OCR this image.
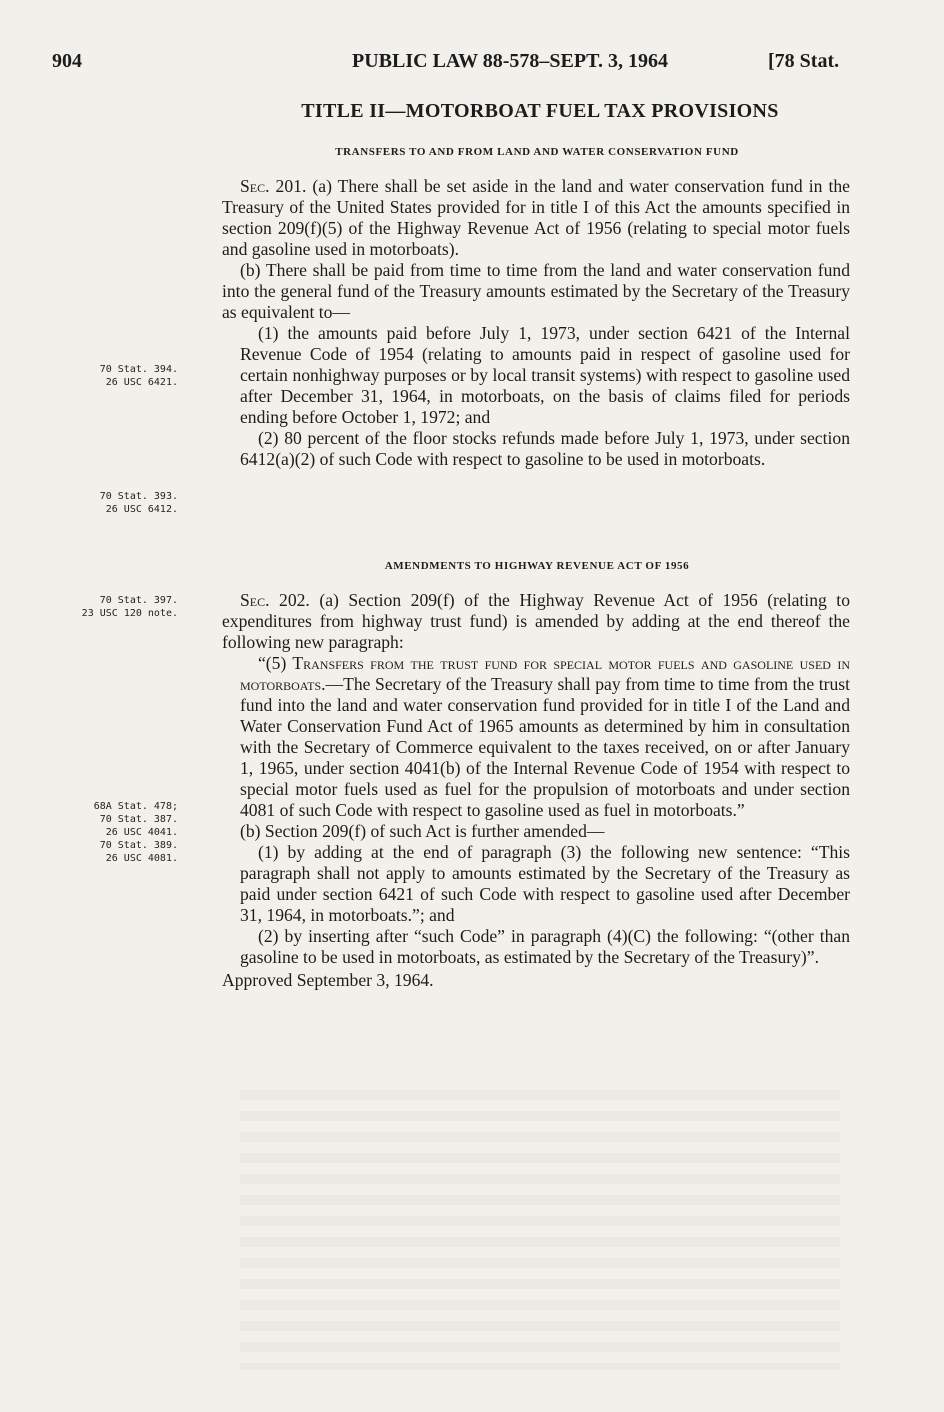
904	PUBLIC LAW 88-578–SEPT. 3, 1964	[78 Stat.
TITLE II—MOTORBOAT FUEL TAX PROVISIONS
TRANSFERS TO AND FROM LAND AND WATER CONSERVATION FUND

Sec. 201. (a) There shall be set aside in the land and water conservation fund in the Treasury of the United States provided for in title I of this Act the amounts specified in section 209(f)(5) of the Highway Revenue Act of 1956 (relating to special motor fuels and gasoline used in motorboats).

(b) There shall be paid from time to time from the land and water conservation fund into the general fund of the Treasury amounts estimated by the Secretary of the Treasury as equivalent to—

(1) the amounts paid before July 1, 1973, under section 6421 of the Internal Revenue Code of 1954 (relating to amounts paid in respect of gasoline used for certain nonhighway purposes or by local transit systems) with respect to gasoline used after December 31, 1964, in motorboats, on the basis of claims filed for periods ending before October 1, 1972; and

(2) 80 percent of the floor stocks refunds made before July 1, 1973, under section 6412(a)(2) of such Code with respect to gasoline to be used in motorboats.

AMENDMENTS TO HIGHWAY REVENUE ACT OF 1956

Sec. 202. (a) Section 209(f) of the Highway Revenue Act of 1956 (relating to expenditures from highway trust fund) is amended by adding at the end thereof the following new paragraph:

“(5) Transfers from the trust fund for special motor fuels and gasoline used in motorboats.—The Secretary of the Treasury shall pay from time to time from the trust fund into the land and water conservation fund provided for in title I of the Land and Water Conservation Fund Act of 1965 amounts as determined by him in consultation with the Secretary of Commerce equivalent to the taxes received, on or after January 1, 1965, under section 4041(b) of the Internal Revenue Code of 1954 with respect to special motor fuels used as fuel for the propulsion of motorboats and under section 4081 of such Code with respect to gasoline used as fuel in motorboats.”

(b) Section 209(f) of such Act is further amended—

(1) by adding at the end of paragraph (3) the following new sentence: “This paragraph shall not apply to amounts estimated by the Secretary of the Treasury as paid under section 6421 of such Code with respect to gasoline used after December 31, 1964, in motorboats.”; and

(2) by inserting after “such Code” in paragraph (4)(C) the following: “(other than gasoline to be used in motorboats, as estimated by the Secretary of the Treasury)”.

Approved September 3, 1964.

70 Stat. 394.
26 USC 6421.
70 Stat. 393.
26 USC 6412.
70 Stat. 397.
23 USC 120 note.
68A Stat. 478;
70 Stat. 387.
26 USC 4041.
70 Stat. 389.
26 USC 4081.
